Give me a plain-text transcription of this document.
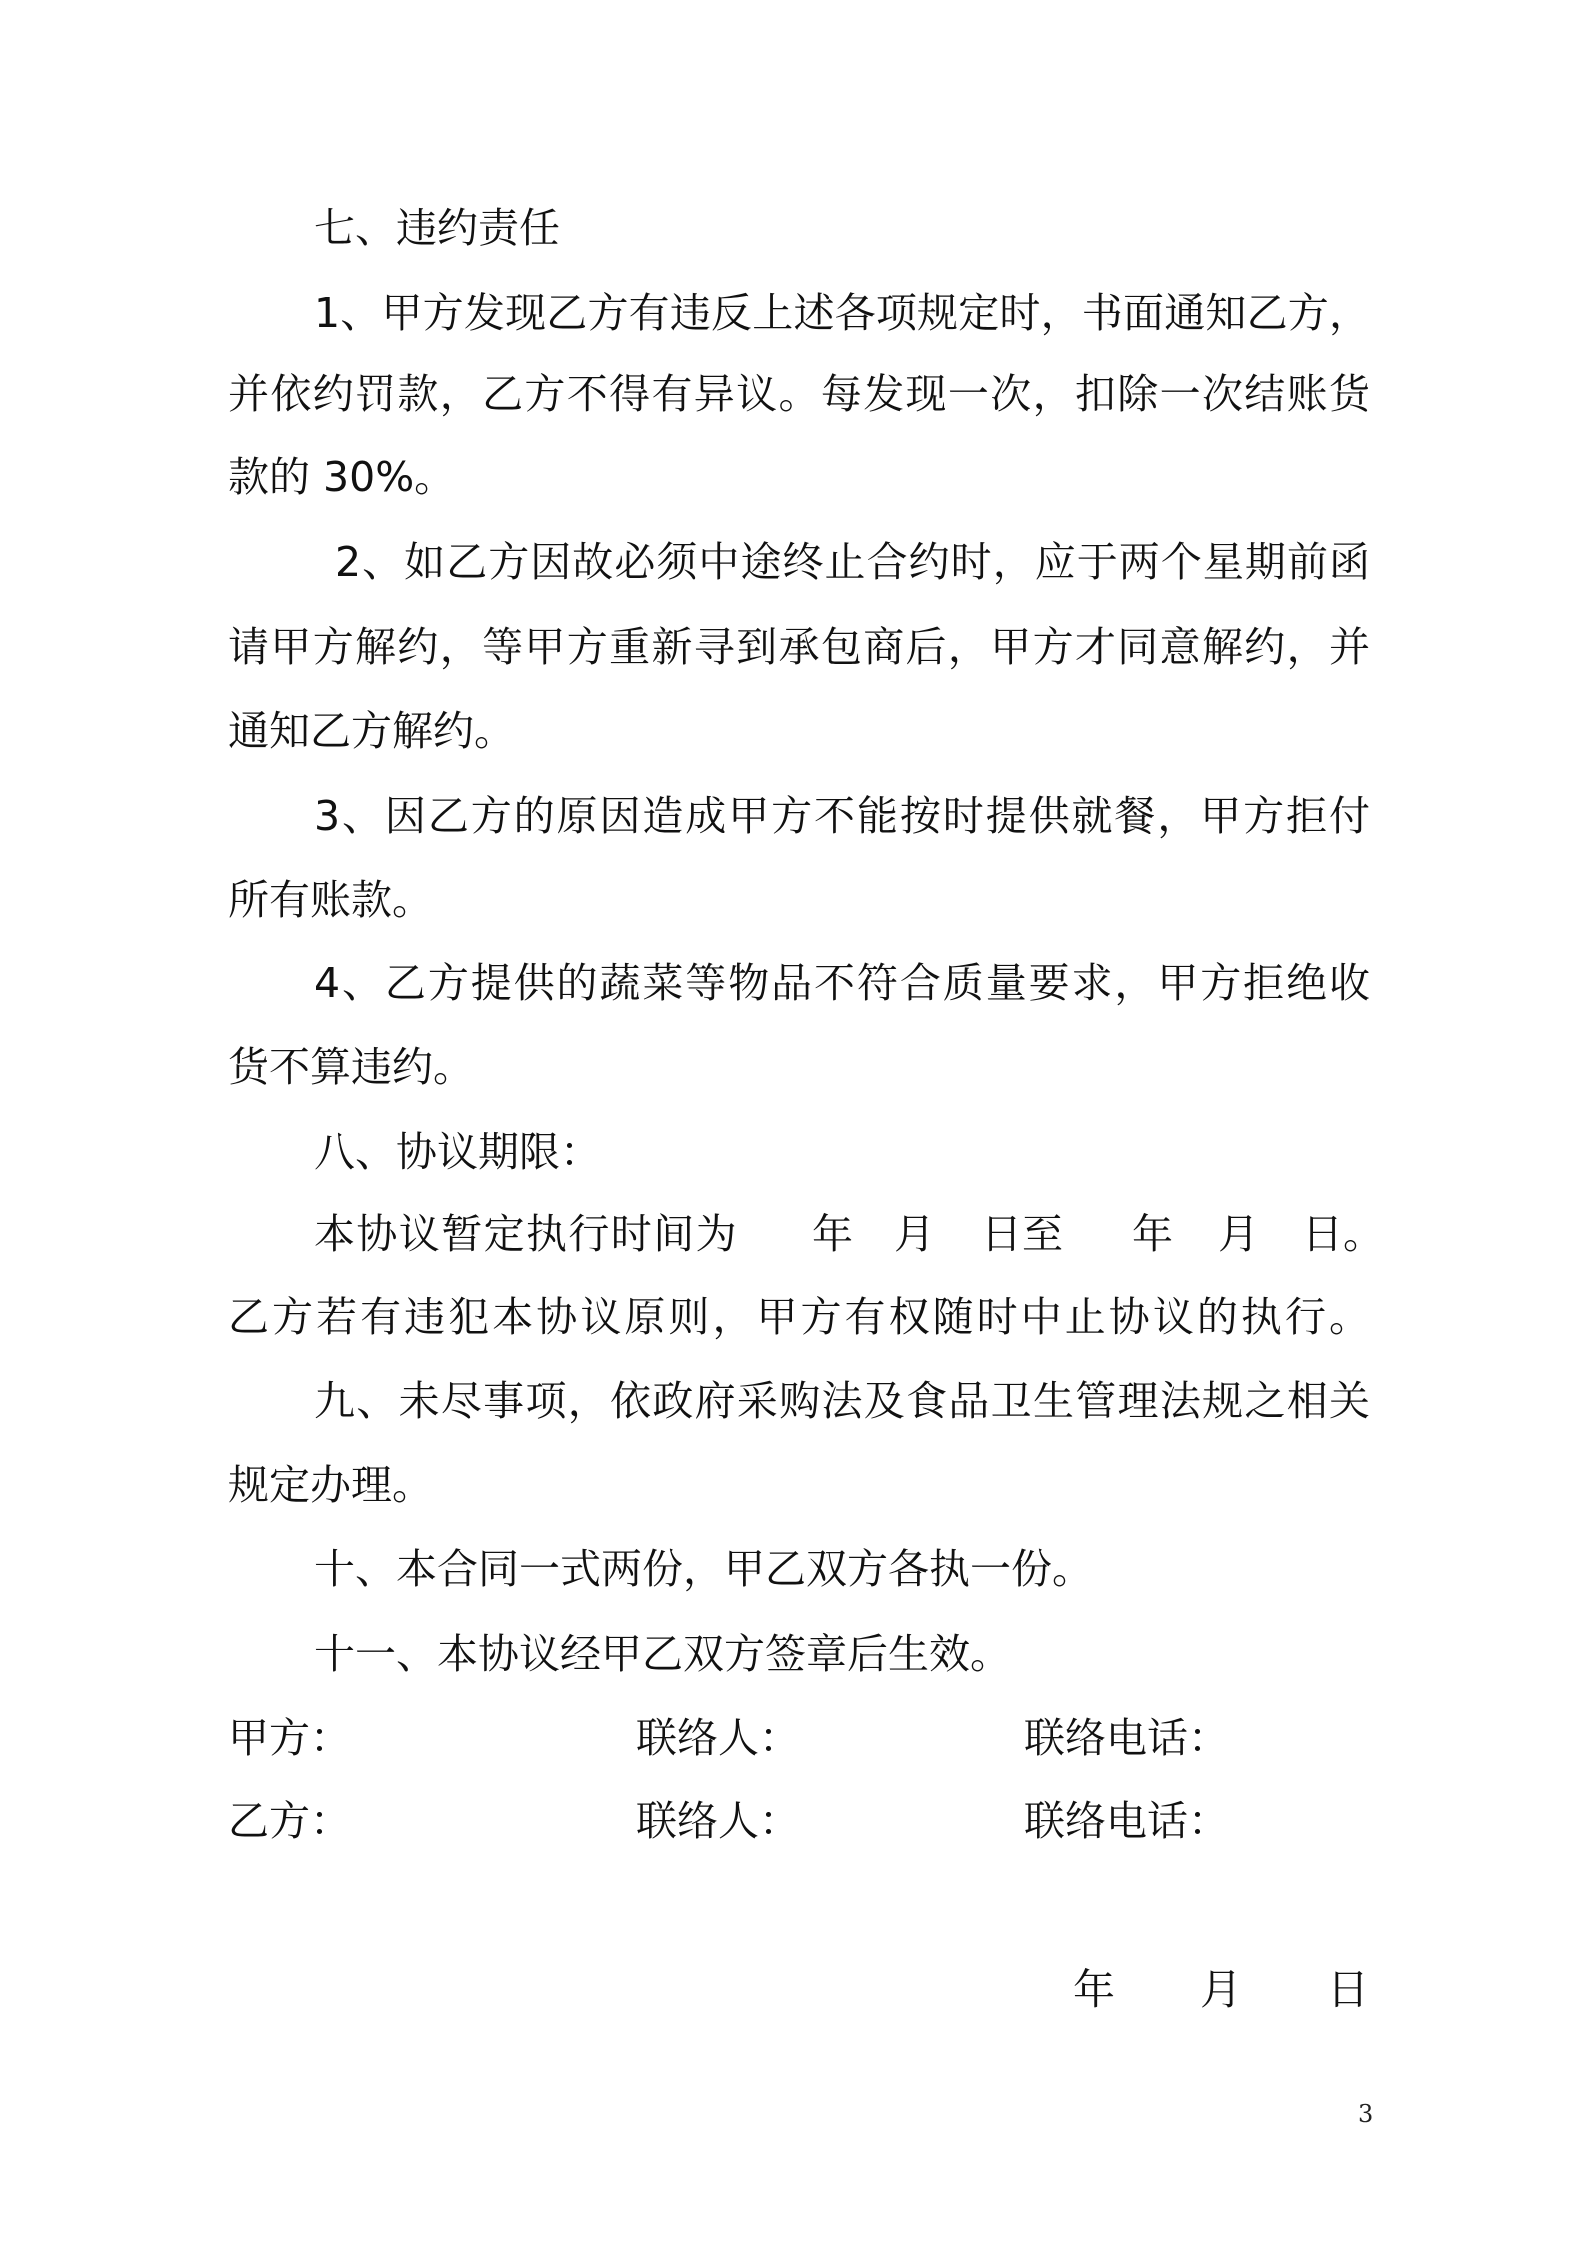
七、违约责任
1、甲方发现乙方有违反上述各项规定时，书面通知乙方，
并依约罚款，乙方不得有异议。每发现一次，扣除一次结账货
款的 30%。
2、如乙方因故必须中途终止合约时，应于两个星期前函
请甲方解约，等甲方重新寻到承包商后，甲方才同意解约，并
通知乙方解约。
3、因乙方的原因造成甲方不能按时提供就餐，甲方拒付
所有账款。
4、乙方提供的蔬菜等物品不符合质量要求，甲方拒绝收
货不算违约。
八、协议期限：
本协议暂定执行时间为 年 月 日至 年 月 日。
乙方若有违犯本协议原则，甲方有权随时中止协议的执行。
九、未尽事项，依政府采购法及食品卫生管理法规之相关
规定办理。
十、本合同一式两份，甲乙双方各执一份。
十一、本协议经甲乙双方签章后生效。
甲方：	联络人：	联络电话：
乙方：	联络人：	联络电话：
年 月 日
3
